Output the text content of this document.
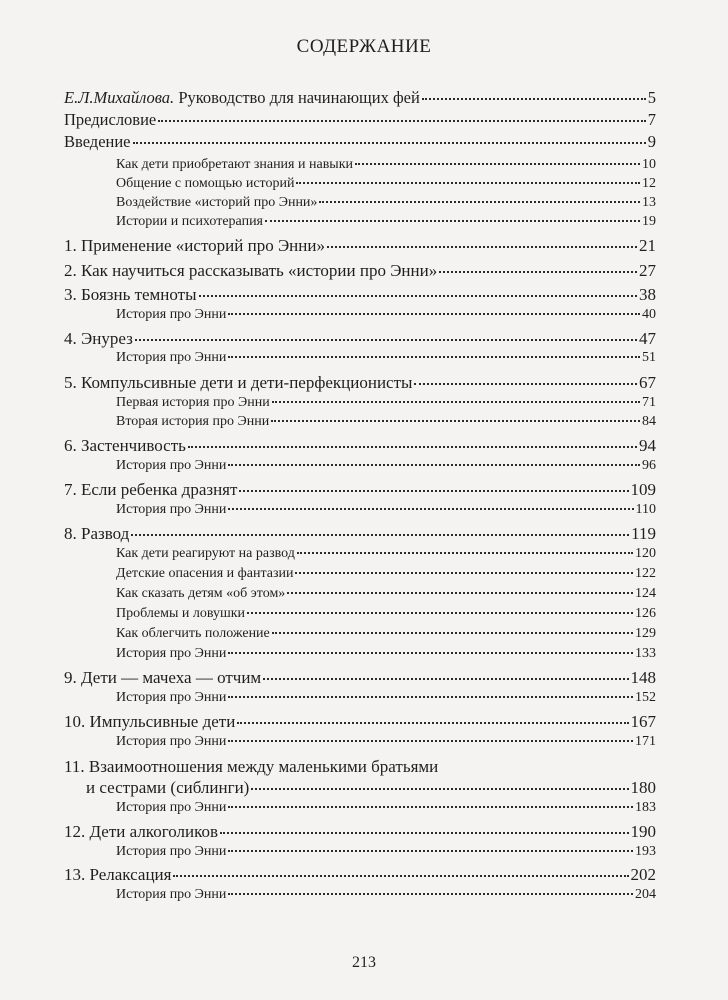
СОДЕРЖАНИЕ
Е.Л.Михайлова. Руководство для начинающих фей	5
Предисловие	7
Введение	9
Как дети приобретают знания и навыки	10
Общение с помощью историй	12
Воздействие «историй про Энни»	13
Истории и психотерапия	19
1. Применение «историй про Энни»	21
2. Как научиться рассказывать «истории про Энни»	27
3. Боязнь темноты	38
История про Энни	40
4. Энурез	47
История про Энни	51
5. Компульсивные дети и дети-перфекционисты	67
Первая история про Энни	71
Вторая история про Энни	84
6. Застенчивость	94
История про Энни	96
7. Если ребенка дразнят	109
История про Энни	110
8. Развод	119
Как дети реагируют на развод	120
Детские опасения и фантазии	122
Как сказать детям «об этом»	124
Проблемы и ловушки	126
Как облегчить положение	129
История про Энни	133
9. Дети — мачеха — отчим	148
История про Энни	152
10. Импульсивные дети	167
История про Энни	171
11. Взаимоотношения между маленькими братьями
и сестрами (сиблинги)	180
История про Энни	183
12. Дети алкоголиков	190
История про Энни	193
13. Релаксация	202
История про Энни	204
213
